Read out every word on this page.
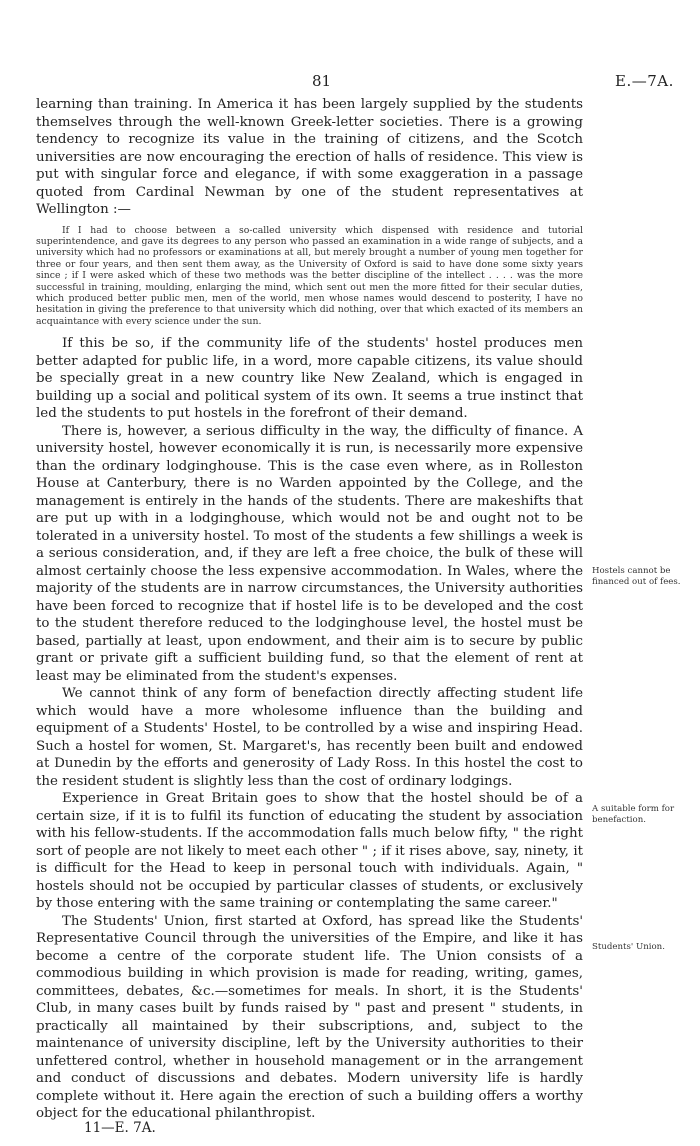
81	E.—7A.

learning than training. In America it has been largely supplied by the students themselves through the well-known Greek-letter societies. There is a growing tendency to recognize its value in the training of citizens, and the Scotch universities are now encouraging the erection of halls of residence. This view is put with singular force and elegance, if with some exaggeration in a passage quoted from Cardinal Newman by one of the student representatives at Wellington :—

If I had to choose between a so-called university which dispensed with residence and tutorial superintendence, and gave its degrees to any person who passed an examination in a wide range of subjects, and a university which had no professors or examinations at all, but merely brought a number of young men together for three or four years, and then sent them away, as the University of Oxford is said to have done some sixty years since ; if I were asked which of these two methods was the better discipline of the intellect . . . . was the more successful in training, moulding, enlarging the mind, which sent out men the more fitted for their secular duties, which produced better public men, men of the world, men whose names would descend to posterity, I have no hesitation in giving the preference to that university which did nothing, over that which exacted of its members an acquaintance with every science under the sun.

If this be so, if the community life of the students' hostel produces men better adapted for public life, in a word, more capable citizens, its value should be specially great in a new country like New Zealand, which is engaged in building up a social and political system of its own. It seems a true instinct that led the students to put hostels in the forefront of their demand.

There is, however, a serious difficulty in the way, the difficulty of finance. A university hostel, however economically it is run, is necessarily more expensive than the ordinary lodginghouse. This is the case even where, as in Rolleston House at Canterbury, there is no Warden appointed by the College, and the management is entirely in the hands of the students. There are makeshifts that are put up with in a lodginghouse, which would not be and ought not to be tolerated in a university hostel. To most of the students a few shillings a week is a serious consideration, and, if they are left a free choice, the bulk of these will almost certainly choose the less expensive accommodation. In Wales, where the majority of the students are in narrow circumstances, the University authorities have been forced to recognize that if hostel life is to be developed and the cost to the student therefore reduced to the lodginghouse level, the hostel must be based, partially at least, upon endowment, and their aim is to secure by public grant or private gift a sufficient building fund, so that the element of rent at least may be eliminated from the student's expenses.

We cannot think of any form of benefaction directly affecting student life which would have a more wholesome influence than the building and equipment of a Students' Hostel, to be controlled by a wise and inspiring Head. Such a hostel for women, St. Margaret's, has recently been built and endowed at Dunedin by the efforts and generosity of Lady Ross. In this hostel the cost to the resident student is slightly less than the cost of ordinary lodgings.

Experience in Great Britain goes to show that the hostel should be of a certain size, if it is to fulfil its function of educating the student by association with his fellow-students. If the accommodation falls much below fifty, " the right sort of people are not likely to meet each other " ; if it rises above, say, ninety, it is difficult for the Head to keep in personal touch with individuals. Again, " hostels should not be occupied by particular classes of students, or exclusively by those entering with the same training or contemplating the same career."

The Students' Union, first started at Oxford, has spread like the Students' Representative Council through the universities of the Empire, and like it has become a centre of the corporate student life. The Union consists of a commodious building in which provision is made for reading, writing, games, committees, debates, &c.—sometimes for meals. In short, it is the Students' Club, in many cases built by funds raised by " past and present " students, in practically all maintained by their subscriptions, and, subject to the maintenance of university discipline, left by the University authorities to their unfettered control, whether in household management or in the arrangement and conduct of discussions and debates. Modern university life is hardly complete without it. Here again the erection of such a building offers a worthy object for the educational philanthropist.

Hostels cannot be financed out of fees.
A suitable form for benefaction.
Students' Union.
11—E. 7A.
